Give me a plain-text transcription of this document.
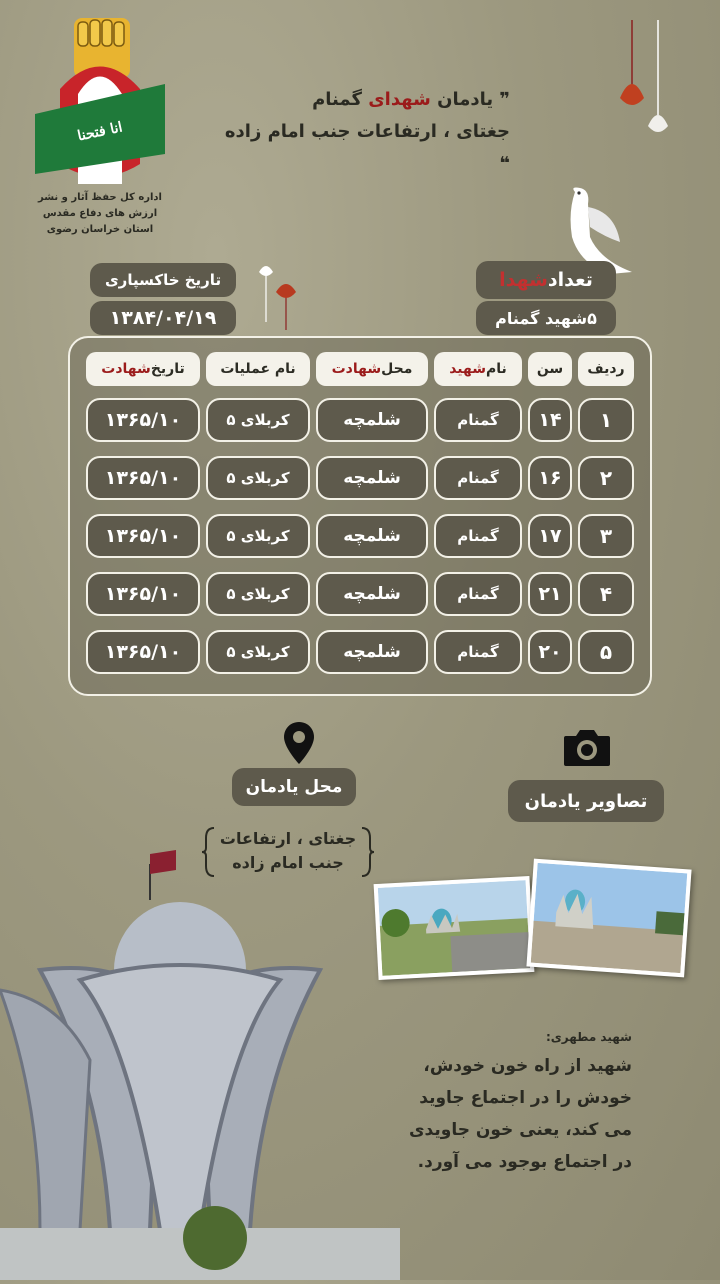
انا فتحنا
اداره کل حفظ آثار و نشر
ارزش های دفاع مقدس
استان خراسان رضوی
❞ یادمان شهدای گمنام
جغتای ، ارتفاعات جنب امام زاده ❝
تاریخ خاکسپاری
۱۳۸۴/۰۴/۱۹
تعداد
شهدا
۵شهید گمنام
ردیف
سن
نام
شهید
محل
شهادت
نام عملیات
تاریخ
شهادت
۱
۱۴
گمنام
شلمچه
کربلای ۵
۱۳۶۵/۱۰
۲
۱۶
گمنام
شلمچه
کربلای ۵
۱۳۶۵/۱۰
۳
۱۷
گمنام
شلمچه
کربلای ۵
۱۳۶۵/۱۰
۴
۲۱
گمنام
شلمچه
کربلای ۵
۱۳۶۵/۱۰
۵
۲۰
گمنام
شلمچه
کربلای ۵
۱۳۶۵/۱۰
محل یادمان
جغتای ، ارتفاعات
جنب امام زاده
تصاویر یادمان
شهید مطهری:
شهید از راه خون خودش،
خودش را در اجتماع جاوید
می کند، یعنی خون جاویدی
در اجتماع بوجود می آورد.
